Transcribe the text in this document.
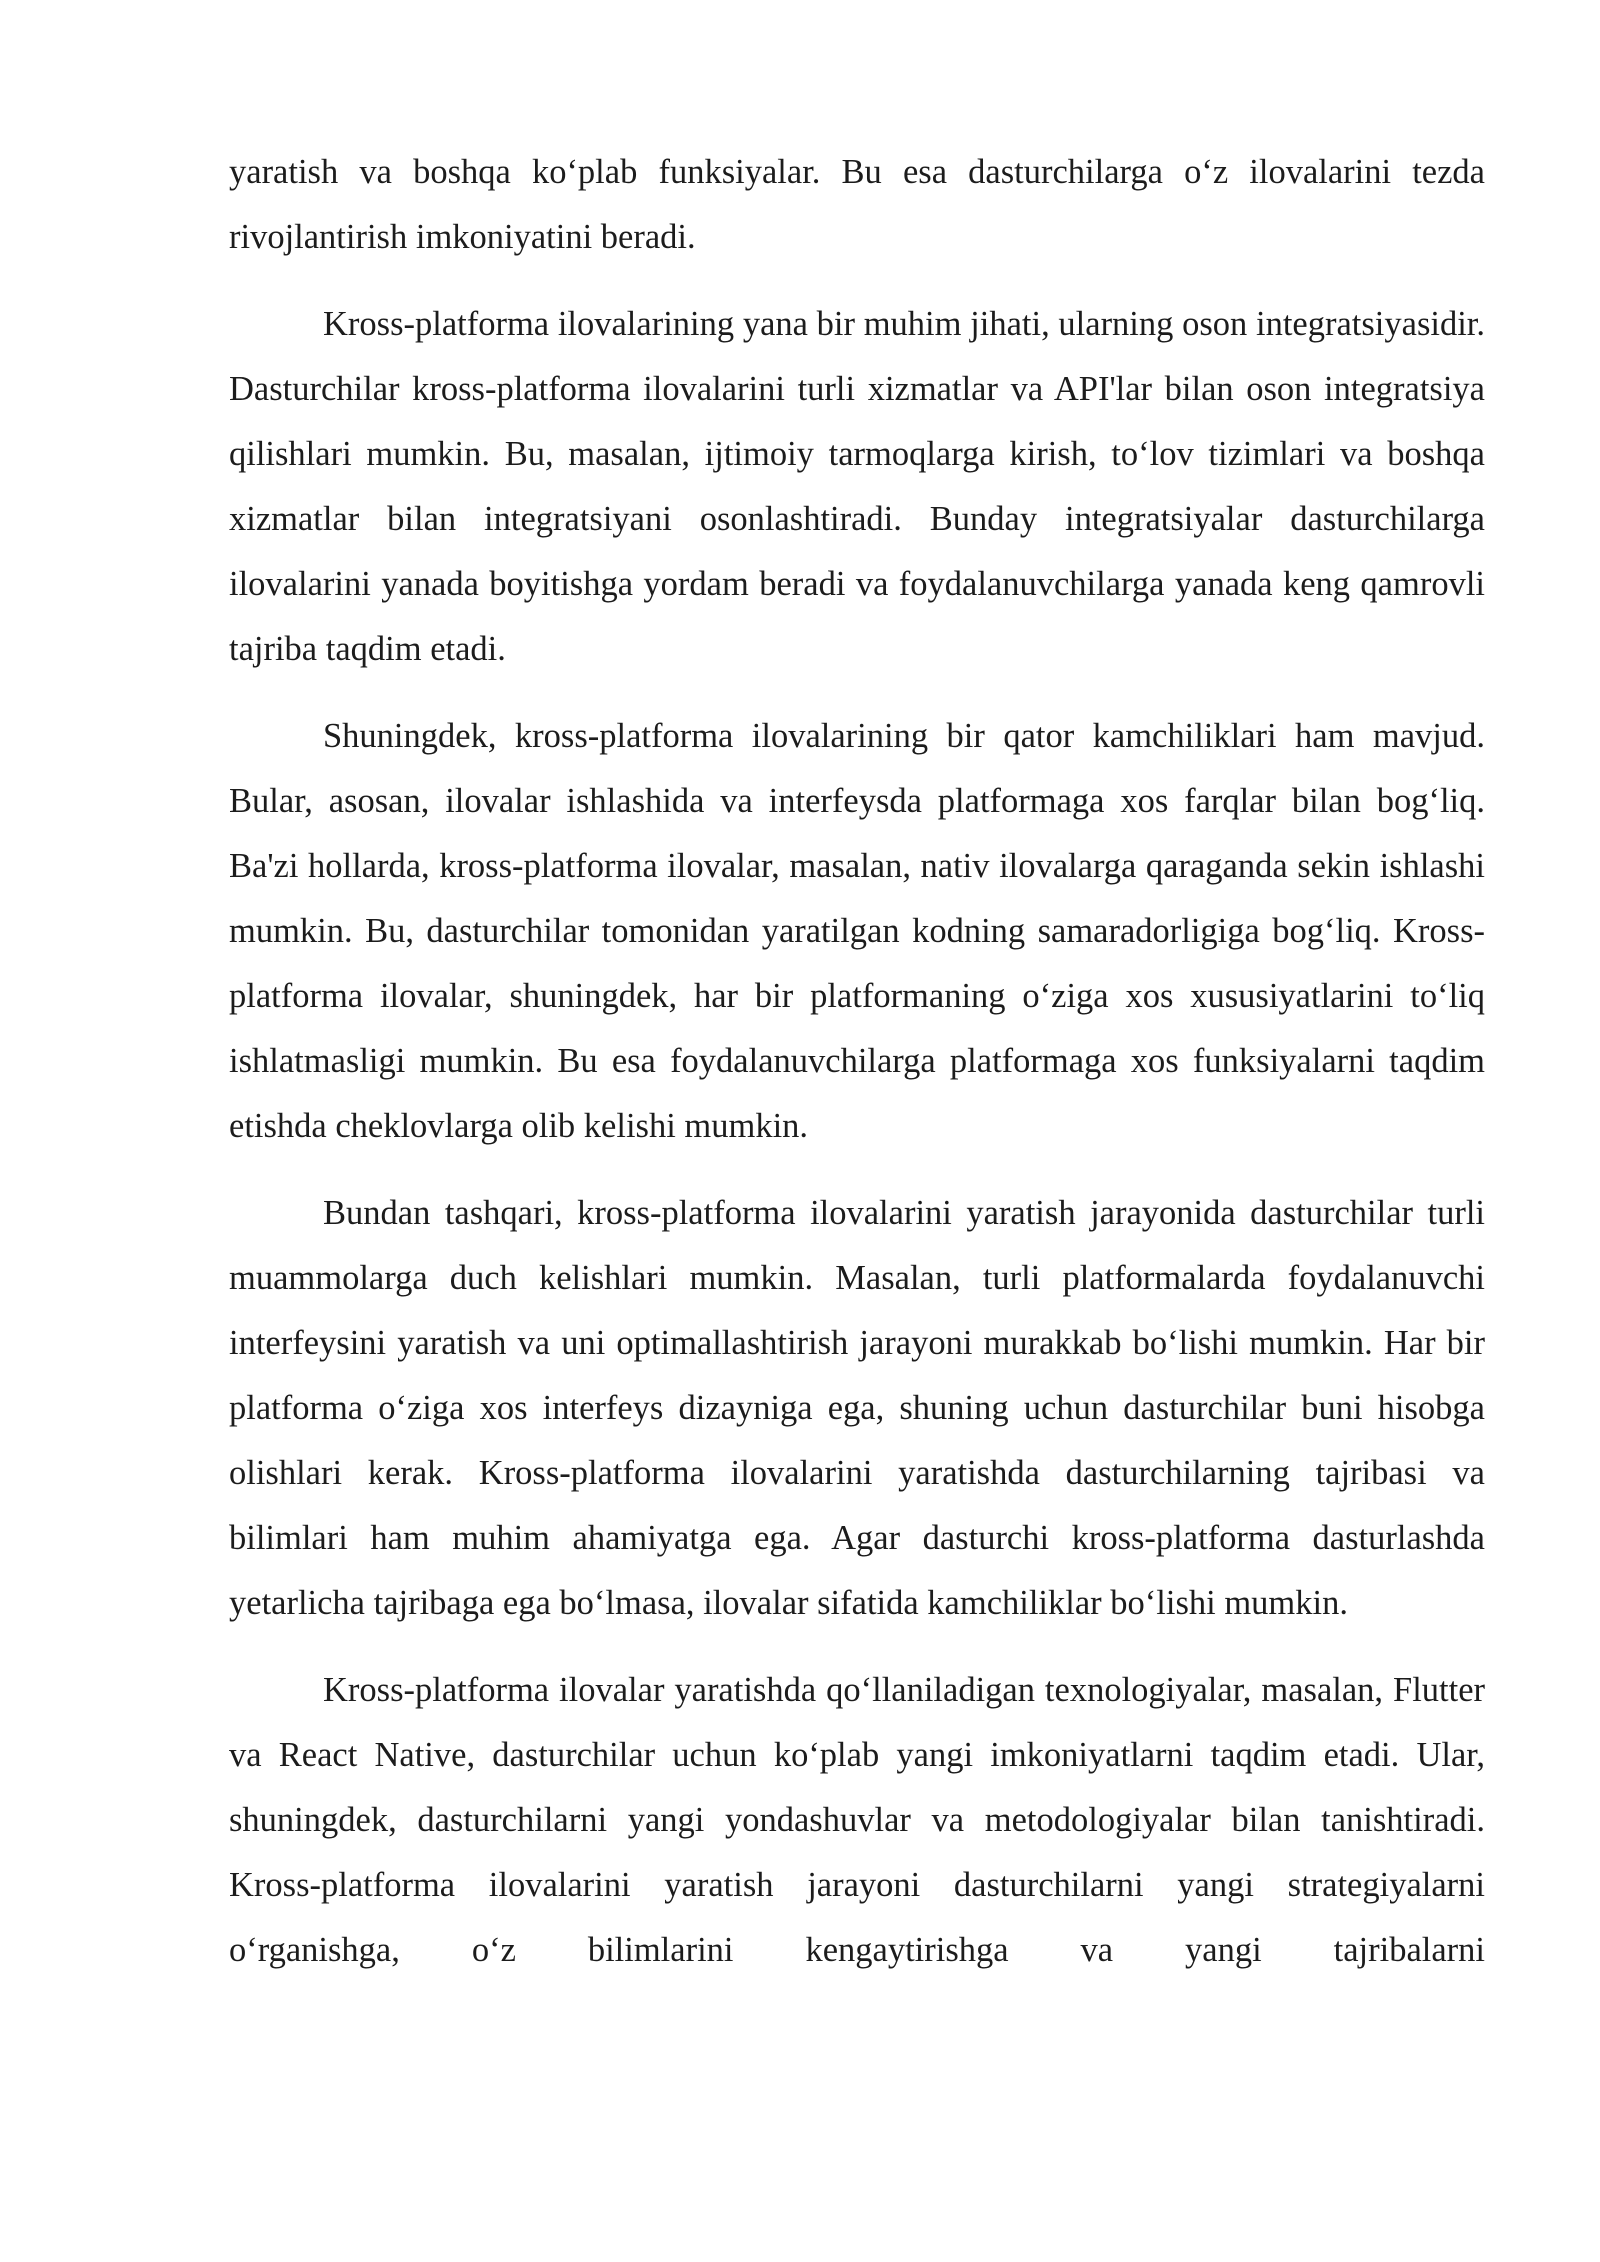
yaratish va boshqa ko‘plab funksiyalar. Bu esa dasturchilarga o‘z ilovalarini tezda rivojlantirish imkoniyatini beradi.

Kross-platforma ilovalarining yana bir muhim jihati, ularning oson integratsiyasidir. Dasturchilar kross-platforma ilovalarini turli xizmatlar va API'lar bilan oson integratsiya qilishlari mumkin. Bu, masalan, ijtimoiy tarmoqlarga kirish, to‘lov tizimlari va boshqa xizmatlar bilan integratsiyani osonlashtiradi. Bunday integratsiyalar dasturchilarga ilovalarini yanada boyitishga yordam beradi va foydalanuvchilarga yanada keng qamrovli tajriba taqdim etadi.

Shuningdek, kross-platforma ilovalarining bir qator kamchiliklari ham mavjud. Bular, asosan, ilovalar ishlashida va interfeysda platformaga xos farqlar bilan bog‘liq. Ba'zi hollarda, kross-platforma ilovalar, masalan, nativ ilovalarga qaraganda sekin ishlashi mumkin. Bu, dasturchilar tomonidan yaratilgan kodning samaradorligiga bog‘liq. Kross-platforma ilovalar, shuningdek, har bir platformaning o‘ziga xos xususiyatlarini to‘liq ishlatmasligi mumkin. Bu esa foydalanuvchilarga platformaga xos funksiyalarni taqdim etishda cheklovlarga olib kelishi mumkin.

Bundan tashqari, kross-platforma ilovalarini yaratish jarayonida dasturchilar turli muammolarga duch kelishlari mumkin. Masalan, turli platformalarda foydalanuvchi interfeysini yaratish va uni optimallashtirish jarayoni murakkab bo‘lishi mumkin. Har bir platforma o‘ziga xos interfeys dizayniga ega, shuning uchun dasturchilar buni hisobga olishlari kerak. Kross-platforma ilovalarini yaratishda dasturchilarning tajribasi va bilimlari ham muhim ahamiyatga ega. Agar dasturchi kross-platforma dasturlashda yetarlicha tajribaga ega bo‘lmasa, ilovalar sifatida kamchiliklar bo‘lishi mumkin.

Kross-platforma ilovalar yaratishda qo‘llaniladigan texnologiyalar, masalan, Flutter va React Native, dasturchilar uchun ko‘plab yangi imkoniyatlarni taqdim etadi. Ular, shuningdek, dasturchilarni yangi yondashuvlar va metodologiyalar bilan tanishtiradi. Kross-platforma ilovalarini yaratish jarayoni dasturchilarni yangi strategiyalarni o‘rganishga, o‘z bilimlarini kengaytirishga va yangi tajribalarni
